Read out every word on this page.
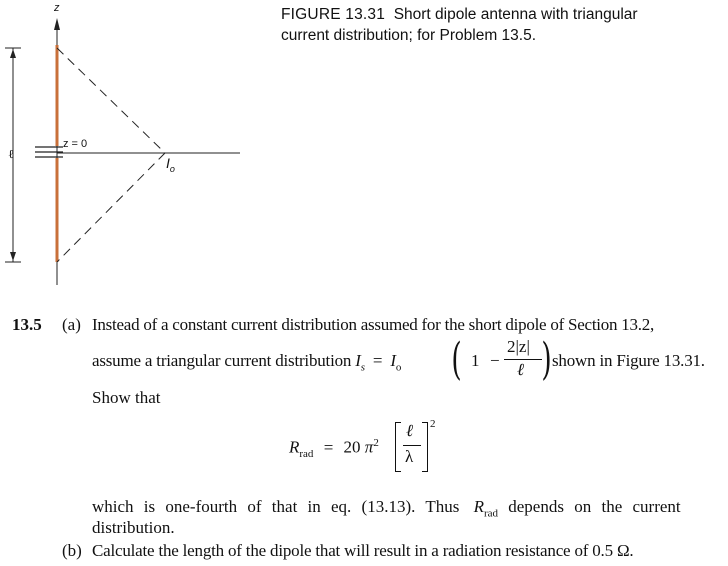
z
z = 0
ℓ
$I_o$
FIGURE 13.31 Short dipole antenna with triangular
current distribution; for Problem 13.5.
13.5 (a) Instead of a constant current distribution assumed for the short dipole of Section 13.2,
assume a triangular current distribution $I_s = I_o$ ( 1 −
2|z|
ℓ ) shown in Figure 13.31.
Show that
$R_{rad} = 20$ $\pi^2$
ℓ
λ
2
which is one-fourth of that in eq. (13.13). Thus $R_{rad}$ depends on the current
distribution.
(b) Calculate the length of the dipole that will result in a radiation resistance of 0.5 Ω.
